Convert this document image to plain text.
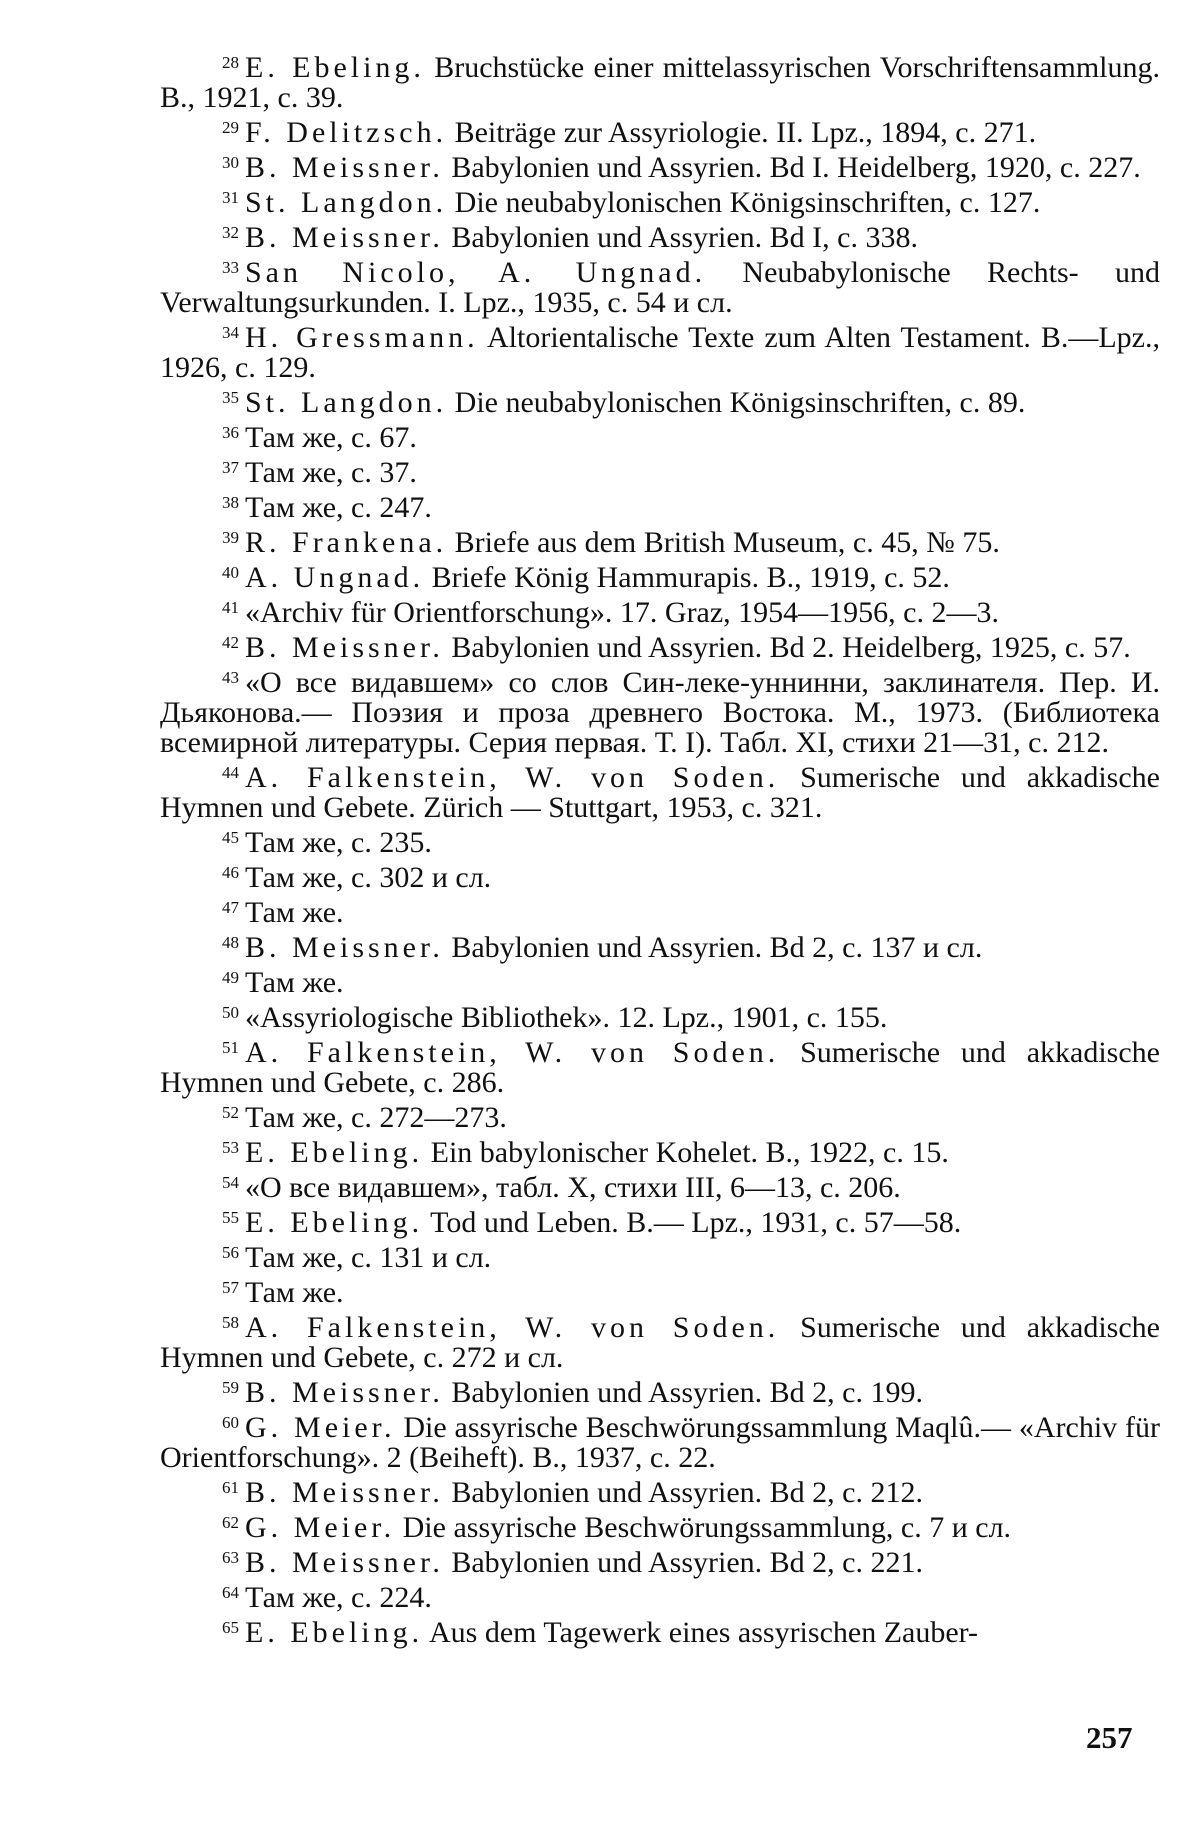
$^{28}$ E. Ebeling. Bruchstücke einer mittelassyrischen Vorschriftensammlung. B., 1921, c. 39.
$^{29}$ F. Delitzsch. Beiträge zur Assyriologie. II. Lpz., 1894, c. 271.
$^{30}$ B. Meissner. Babylonien und Assyrien. Bd I. Heidelberg, 1920, c. 227.
$^{31}$ St. Langdon. Die neubabylonischen Königsinschriften, c. 127.
$^{32}$ B. Meissner. Babylonien und Assyrien. Bd I, c. 338.
$^{33}$ San Nicolo, A. Ungnad. Neubabylonische Rechts- und Verwaltungsurkunden. I. Lpz., 1935, c. 54 и сл.
$^{34}$ H. Gressmann. Altorientalische Texte zum Alten Testament. B.—Lpz., 1926, c. 129.
$^{35}$ St. Langdon. Die neubabylonischen Königsinschriften, c. 89.
$^{36}$ Там же, c. 67.
$^{37}$ Там же, c. 37.
$^{38}$ Там же, c. 247.
$^{39}$ R. Frankena. Briefe aus dem British Museum, c. 45, № 75.
$^{40}$ A. Ungnad. Briefe König Hammurapis. B., 1919, c. 52.
$^{41}$ «Archiv für Orientforschung». 17. Graz, 1954—1956, c. 2—3.
$^{42}$ B. Meissner. Babylonien und Assyrien. Bd 2. Heidelberg, 1925, c. 57.
$^{43}$ «О все видавшем» со слов Син-леке-уннинни, заклинателя. Пер. И. Дьяконова.— Поэзия и проза древнего Востока. М., 1973. (Библиотека всемирной литературы. Серия первая. Т. I). Табл. XI, стихи 21—31, c. 212.
$^{44}$ A. Falkenstein, W. von Soden. Sumerische und akkadische Hymnen und Gebete. Zürich — Stuttgart, 1953, c. 321.
$^{45}$ Там же, c. 235.
$^{46}$ Там же, c. 302 и сл.
$^{47}$ Там же.
$^{48}$ B. Meissner. Babylonien und Assyrien. Bd 2, c. 137 и сл.
$^{49}$ Там же.
$^{50}$ «Assyriologische Bibliothek». 12. Lpz., 1901, c. 155.
$^{51}$ A. Falkenstein, W. von Soden. Sumerische und akkadische Hymnen und Gebete, c. 286.
$^{52}$ Там же, c. 272—273.
$^{53}$ E. Ebeling. Ein babylonischer Kohelet. B., 1922, c. 15.
$^{54}$ «О все видавшем», табл. X, стихи III, 6—13, c. 206.
$^{55}$ E. Ebeling. Tod und Leben. B.— Lpz., 1931, c. 57—58.
$^{56}$ Там же, c. 131 и сл.
$^{57}$ Там же.
$^{58}$ A. Falkenstein, W. von Soden. Sumerische und akkadische Hymnen und Gebete, c. 272 и сл.
$^{59}$ B. Meissner. Babylonien und Assyrien. Bd 2, c. 199.
$^{60}$ G. Meier. Die assyrische Beschwörungssammlung Maqlû.— «Archiv für Orientforschung». 2 (Beiheft). B., 1937, c. 22.
$^{61}$ B. Meissner. Babylonien und Assyrien. Bd 2, c. 212.
$^{62}$ G. Meier. Die assyrische Beschwörungssammlung, c. 7 и сл.
$^{63}$ B. Meissner. Babylonien und Assyrien. Bd 2, c. 221.
$^{64}$ Там же, c. 224.
$^{65}$ E. Ebeling. Aus dem Tagewerk eines assyrischen Zauber-
257
